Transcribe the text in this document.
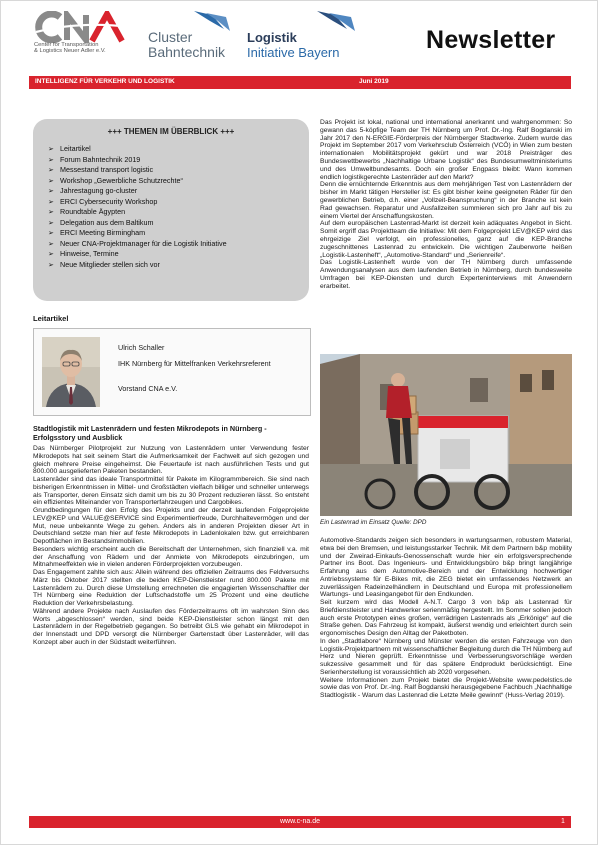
Center for Transportation
& Logistics Neuer Adler e.V.
Cluster
Bahntechnik
Logistik
Initiative Bayern	Newsletter
INTELLIGENZ FÜR VERKEHR UND LOGISTIK	Juni 2019
+++ THEMEN IM ÜBERBLICK +++
➢ Leitartikel
➢ Forum Bahntechnik 2019
➢ Messestand transport logistic
➢ Workshop „Gewerbliche Schutzrechte“
➢ Jahrestagung go-cluster
➢ ERCI Cybersecurity Workshop
➢ Roundtable Ägypten
➢ Delegation aus dem Baltikum
➢ ERCI Meeting Birmingham
➢ Neuer CNA-Projektmanager für die Logistik Initiative
➢ Hinweise, Termine
➢ Neue Mitglieder stellen sich vor
Leitartikel
Ulrich Schaller
IHK Nürnberg für Mittelfranken Verkehrsreferent
Vorstand CNA e.V.
Stadtlogistik mit Lastenrädern und festen Mikrodepots in Nürnberg - Erfolgsstory und Ausblick

Das Nürnberger Pilotprojekt zur Nutzung von Lastenrädern unter Verwendung fester Mikrodepots hat seit seinem Start die Aufmerksamkeit der Fachwelt auf sich gezogen und gleich mehrere Preise eingeheimst. Die Feuertaufe ist nach ausführlichen Tests und gut 800.000 ausgelieferten Paketen bestanden.

Lastenräder sind das ideale Transportmittel für Pakete im Kilogrammbereich. Sie sind nach bisherigen Erkenntnissen in Mittel- und Großstädten vielfach billiger und schneller unterwegs als Transporter, deren Einsatz sich damit um bis zu 30 Prozent reduzieren lässt. So entsteht ein effizientes Miteinander von Transporterfahrzeugen und Cargobikes.

Grundbedingungen für den Erfolg des Projekts und der derzeit laufenden Folgeprojekte LEV@KEP und VALUE@SERVICE sind Experimentierfreude, Durchhaltevermögen und der Mut, neue unbekannte Wege zu gehen. Anders als in anderen Projekten dieser Art in Deutschland setzte man hier auf feste Mikrodepots in Ladenlokalen bzw. gut erreichbaren Depotflächen im Bestandsimmobilien.

Besonders wichtig erscheint auch die Bereitschaft der Unternehmen, sich finanziell v.a. mit der Anschaffung von Rädern und der Anmiete von Mikrodepots einzubringen, um Mitnahmeeffekten wie in vielen anderen Förderprojekten vorzubeugen.

Das Engagement zahlte sich aus: Allein während des offiziellen Zeitraums des Feldversuchs März bis Oktober 2017 stellten die beiden KEP-Dienstleister rund 800.000 Pakete mit Lastenrädern zu. Durch diese Umstellung errechneten die engagierten Wissenschaftler der TH Nürnberg eine Reduktion der Luftschadstoffe um 25 Prozent und eine deutliche Reduktion der Verkehrsbelastung.

Während andere Projekte nach Auslaufen des Förderzeitraums oft im wahrsten Sinn des Worts „abgeschlossen“ werden, sind beide KEP-Dienstleister schon längst mit den Lastenrädern in der Regelbetrieb gegangen. So betreibt GLS wie gehabt ein Mikrodepot in der Innenstadt und DPD versorgt die Nürnberger Gartenstadt über Lastenräder, will das Konzept aber auch in der Südstadt weiterführen.

Das Projekt ist lokal, national und international anerkannt und wahrgenommen: So gewann das 5-köpfige Team der TH Nürnberg um Prof. Dr.-Ing. Ralf Bogdanski im Jahr 2017 den N-ERGIE-Förderpreis der Nürnberger Stadtwerke. Zudem wurde das Projekt im September 2017 vom Verkehrsclub Österreich (VCÖ) in Wien zum besten internationalen Mobilitätsprojekt gekürt und war 2018 Preisträger des Bundeswettbewerbs „Nachhaltige Urbane Logistik“ des Bundesumweltministeriums und des Umweltbundesamts. Doch ein großer Engpass bleibt: Wann kommen endlich logistikgerechte Lastenräder auf den Markt?

Denn die ernüchternde Erkenntnis aus dem mehrjährigen Test von Lastenrädern der bisher im Markt tätigen Hersteller ist: Es gibt bisher keine geeigneten Räder für den gewerblichen Betrieb, d.h. einer „Vollzeit-Beanspruchung“ in der Branche ist kein Rad gewachsen. Reparatur und Ausfallzeiten summieren sich pro Jahr auf bis zu einem Viertel der Anschaffungskosten.

Auf dem europäischen Lastenrad-Markt ist derzeit kein adäquates Angebot in Sicht. Somit ergriff das Projektteam die Initiative: Mit dem Folgeprojekt LEV@KEP wird das ehrgeizige Ziel verfolgt, ein professionelles, ganz auf die KEP-Branche zugeschnittenes Lastenrad zu entwickeln. Die wichtigen Zauberworte heißen „Logistik-Lastenheft“, „Automotive-Standard“ und „Serienreife“.

Das Logistik-Lastenheft wurde von der TH Nürnberg durch umfassende Anwendungsanalysen aus dem laufenden Betrieb in Nürnberg, durch bundesweite Umfragen bei KEP-Diensten und durch Experteninterviews mit Anwendern erarbeitet.

Ein Lastenrad im Einsatz Quelle: DPD

Automotive-Standards zeigen sich besonders in wartungsarmen, robustem Material, etwa bei den Bremsen, und leistungsstarker Technik. Mit dem Partnern b&p mobility und der Zweirad-Einkaufs-Genossenschaft wurde hier ein erfolgsversprechende Partner ins Boot. Das Ingenieurs- und Entwicklungsbüro b&p bringt langjährige Erfahrung aus dem Automotive-Bereich und der Entwicklung hochwertiger Antriebssysteme für E-Bikes mit, die ZEG bietet ein umfassendes Netzwerk an zuverlässigen Radeinzelhändlern in Deutschland und Europa mit professionellem Wartungs- und Leasingangebot für den Endkunden.

Seit kurzem wird das Modell A-N.T. Cargo 3 von b&p als Lastenrad für Briefdienstleister und Handwerker serienmäßig hergestellt. Im Sommer sollen jedoch auch erste Prototypen eines großen, verrädrigen Lastenrads als „Erkönige“ auf die Straße gehen. Das Fahrzeug ist kompakt, äußerst wendig und erleichtert durch sein ergonomisches Design den Alltag der Paketboten.

In den „Stadtlabore“ Nürnberg und Münster werden die ersten Fahrzeuge von den Logistik-Projektpartnern mit wissenschaftlicher Begleitung durch die TH Nürnberg auf Herz und Nieren geprüft. Erkenntnisse und Verbesserungsvorschläge werden sukzessive gesammelt und für das spätere Endprodukt berücksichtigt. Eine Serienherstellung ist voraussichtlich ab 2020 vorgesehen.

Weitere Informationen zum Projekt bietet die Projekt-Website www.pedelstics.de sowie das von Prof. Dr.-Ing. Ralf Bogdanski herausgegebene Fachbuch „Nachhaltige Stadtlogistik - Warum das Lastenrad die Letzte Meile gewinnt“ (Huss-Verlag 2019).

www.c-na.de	1
